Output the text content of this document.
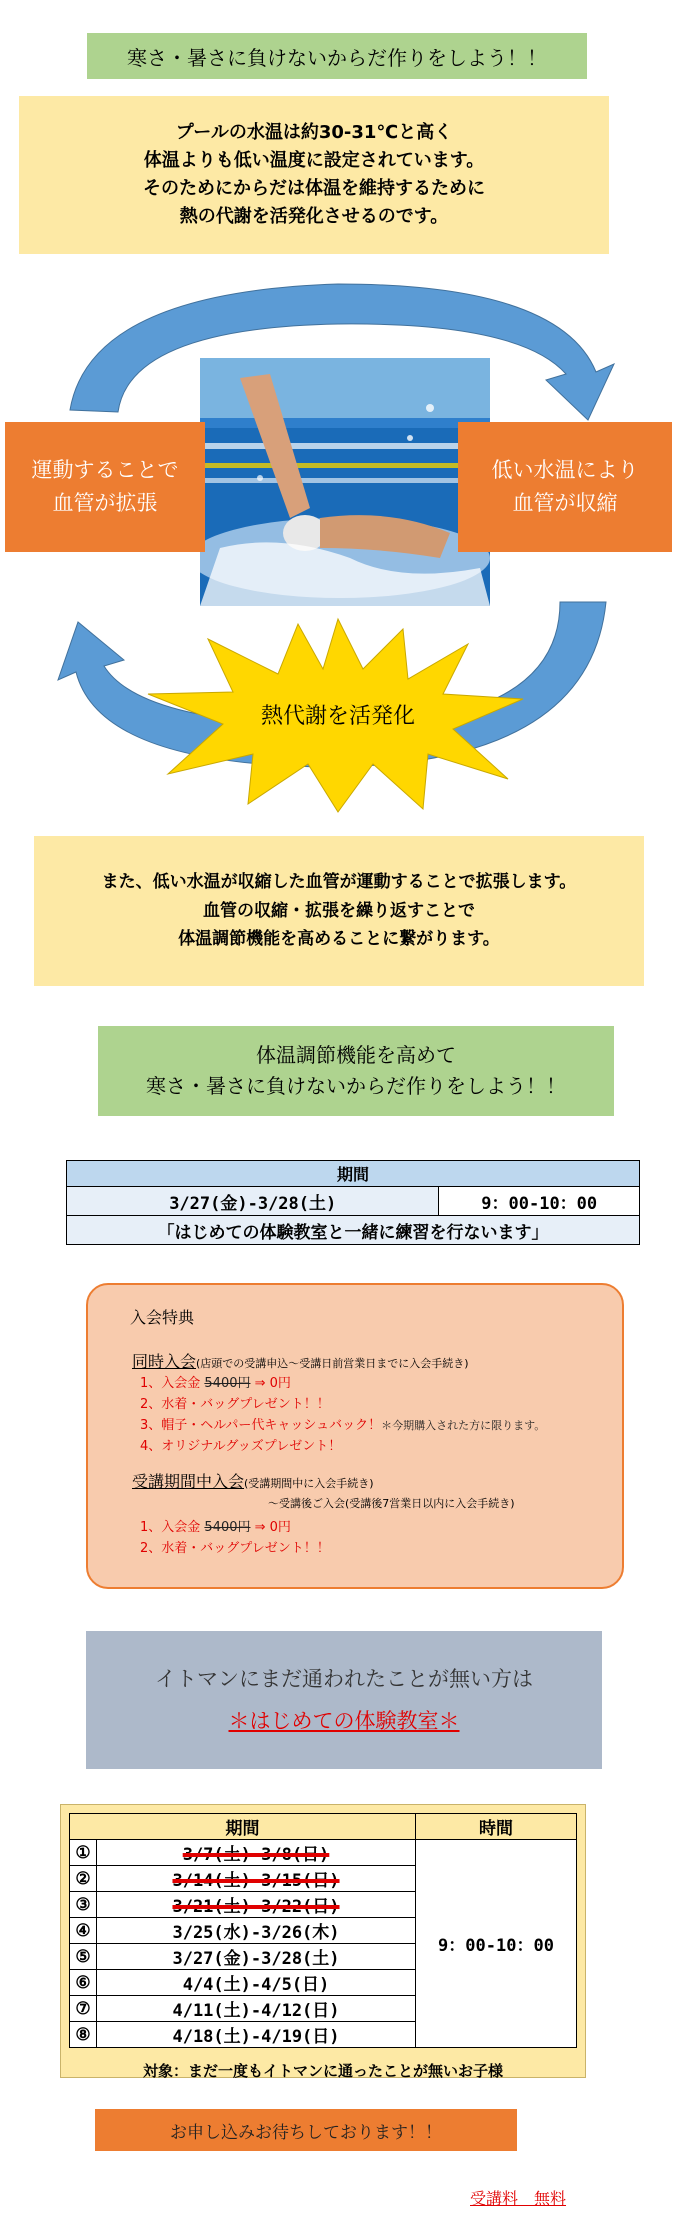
寒さ・暑さに負けないからだ作りをしよう！！
プールの水温は約30-31℃と高く
体温よりも低い温度に設定されています。
そのためにからだは体温を維持するために
熱の代謝を活発化させるのです。
運動することで
血管が拡張
低い水温により
血管が収縮
熱代謝を活発化
また、低い水温が収縮した血管が運動することで拡張します。
血管の収縮・拡張を繰り返すことで
体温調節機能を高めることに繋がります。
体温調節機能を高めて
寒さ・暑さに負けないからだ作りをしよう！！
期間
3/27(金)-3/28(土)	9：00-10：00
「はじめての体験教室と一緒に練習を行ないます」
入会特典
同時入会(店頭での受講申込～受講日前営業日までに入会手続き)
1、入会金 5400円 ⇒ 0円
2、水着・バッグプレゼント！！
3、帽子・ヘルパー代キャッシュバック！＊今期購入された方に限ります。
4、オリジナルグッズプレゼント！
受講期間中入会(受講期間中に入会手続き)
～受講後ご入会(受講後7営業日以内に入会手続き)
1、入会金 5400円 ⇒ 0円
2、水着・バッグプレゼント！！
イトマンにまだ通われたことが無い方は
＊はじめての体験教室＊
期間		時間
①	3/7(土)-3/8(日)	9：00-10：00
②	3/14(土)-3/15(日)	
③	3/21(土)-3/22(日)	
④	3/25(水)-3/26(木)	
⑤	3/27(金)-3/28(土)	
⑥	4/4(土)-4/5(日)	
⑦	4/11(土)-4/12(日)	
⑧	4/18(土)-4/19(日)	
対象：まだ一度もイトマンに通ったことが無いお子様
お申し込みお待ちしております！！
受講料　無料
